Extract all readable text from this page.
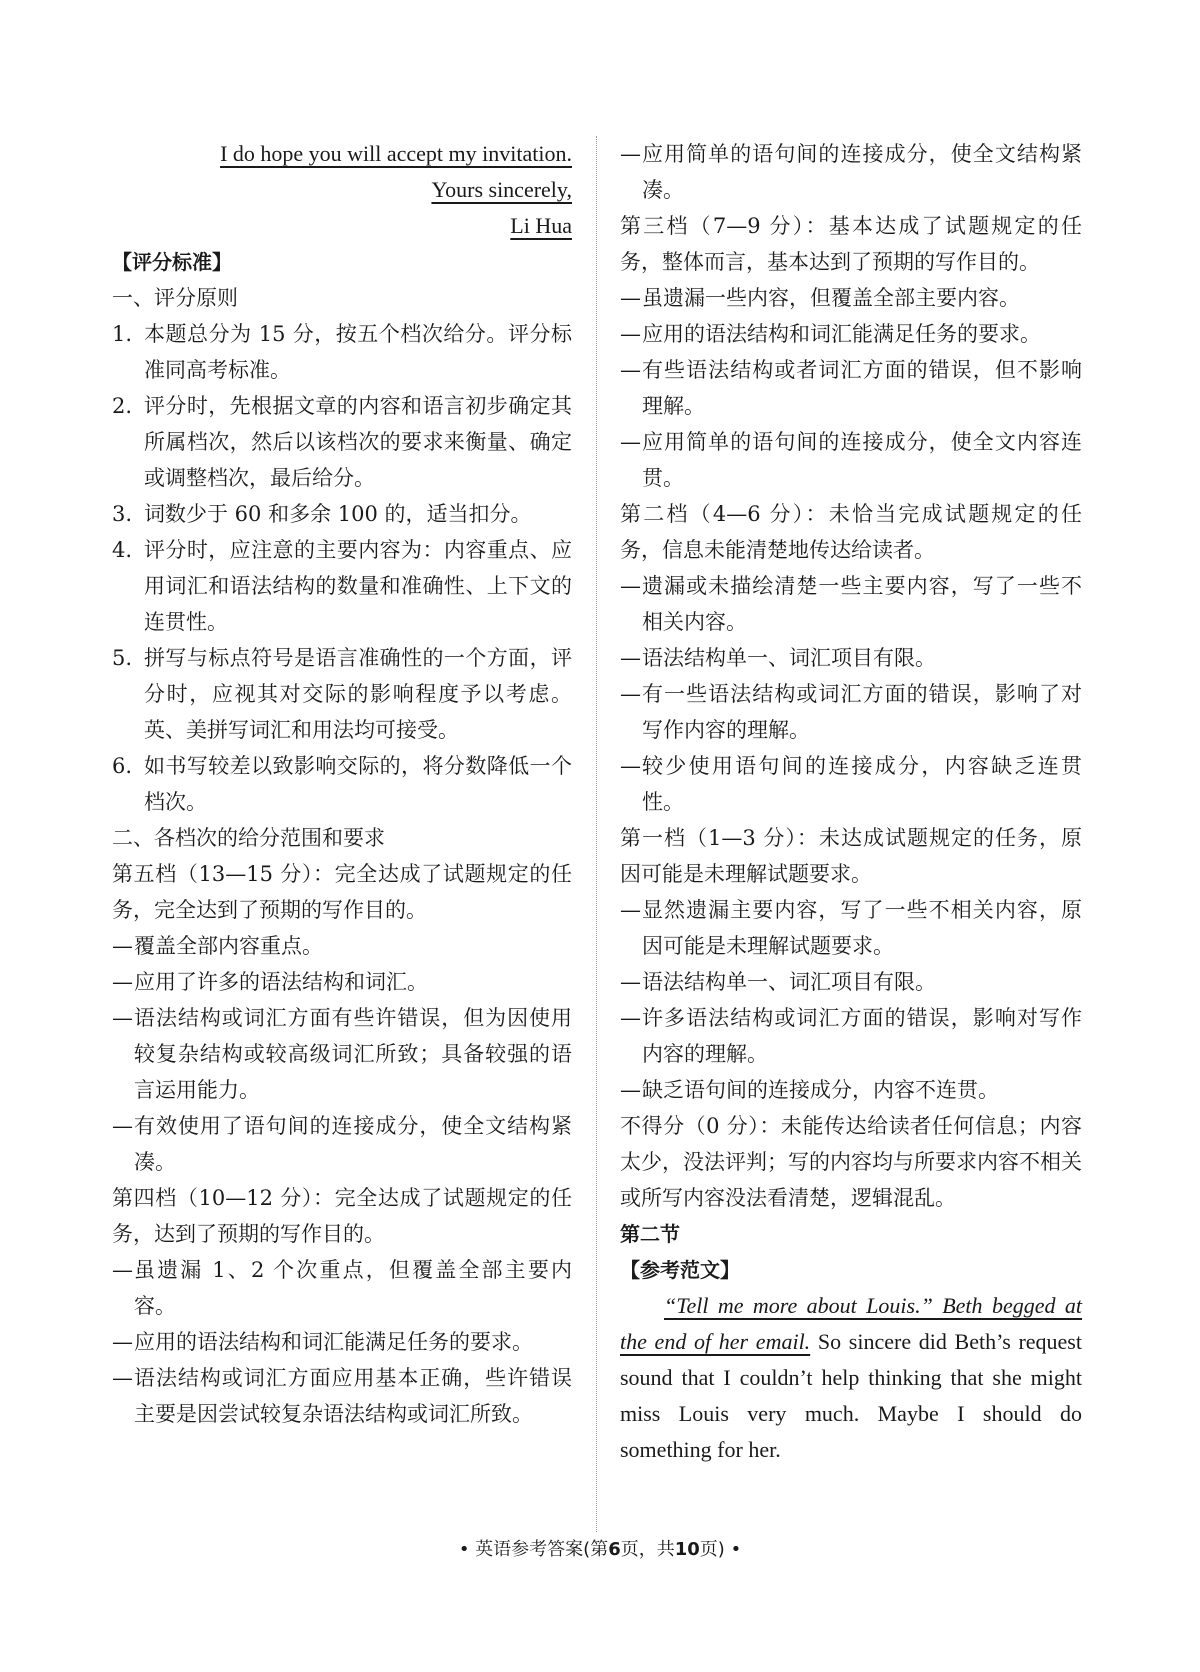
I do hope you will accept my invitation.
Yours sincerely,
Li Hua
【评分标准】
一、评分原则
1. 本题总分为 15 分，按五个档次给分。评分标准同高考标准。
2. 评分时，先根据文章的内容和语言初步确定其所属档次，然后以该档次的要求来衡量、确定或调整档次，最后给分。
3. 词数少于 60 和多余 100 的，适当扣分。
4. 评分时，应注意的主要内容为：内容重点、应用词汇和语法结构的数量和准确性、上下文的连贯性。
5. 拼写与标点符号是语言准确性的一个方面，评分时，应视其对交际的影响程度予以考虑。英、美拼写词汇和用法均可接受。
6. 如书写较差以致影响交际的，将分数降低一个档次。
二、各档次的给分范围和要求
第五档（13—15 分）：完全达成了试题规定的任务，完全达到了预期的写作目的。
— 覆盖全部内容重点。
— 应用了许多的语法结构和词汇。
— 语法结构或词汇方面有些许错误，但为因使用较复杂结构或较高级词汇所致；具备较强的语言运用能力。
— 有效使用了语句间的连接成分，使全文结构紧凑。
第四档（10—12 分）：完全达成了试题规定的任务，达到了预期的写作目的。
— 虽遗漏 1、2 个次重点，但覆盖全部主要内容。
— 应用的语法结构和词汇能满足任务的要求。
— 语法结构或词汇方面应用基本正确，些许错误主要是因尝试较复杂语法结构或词汇所致。
— 应用简单的语句间的连接成分，使全文结构紧凑。
第三档（7—9 分）：基本达成了试题规定的任务，整体而言，基本达到了预期的写作目的。
— 虽遗漏一些内容，但覆盖全部主要内容。
— 应用的语法结构和词汇能满足任务的要求。
— 有些语法结构或者词汇方面的错误，但不影响理解。
— 应用简单的语句间的连接成分，使全文内容连贯。
第二档（4—6 分）：未恰当完成试题规定的任务，信息未能清楚地传达给读者。
— 遗漏或未描绘清楚一些主要内容，写了一些不相关内容。
— 语法结构单一、词汇项目有限。
— 有一些语法结构或词汇方面的错误，影响了对写作内容的理解。
— 较少使用语句间的连接成分，内容缺乏连贯性。
第一档（1—3 分）：未达成试题规定的任务，原因可能是未理解试题要求。
— 显然遗漏主要内容，写了一些不相关内容，原因可能是未理解试题要求。
— 语法结构单一、词汇项目有限。
— 许多语法结构或词汇方面的错误，影响对写作内容的理解。
— 缺乏语句间的连接成分，内容不连贯。
不得分（0 分）：未能传达给读者任何信息；内容太少，没法评判；写的内容均与所要求内容不相关或所写内容没法看清楚，逻辑混乱。
第二节
【参考范文】
“Tell me more about Louis.” Beth begged at the end of her email. So sincere did Beth’s request sound that I couldn’t help thinking that she might miss Louis very much. Maybe I should do something for her.
• 英语参考答案(第6页，共10页) •
